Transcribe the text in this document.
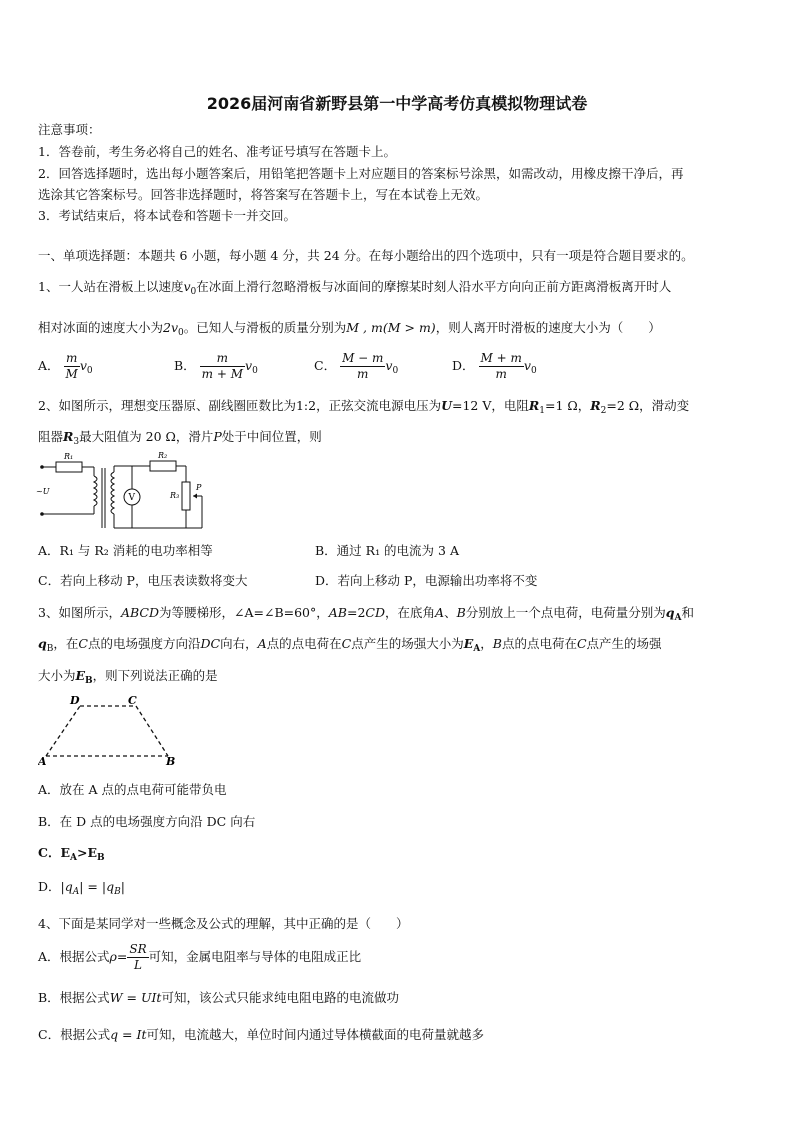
2026届河南省新野县第一中学高考仿真模拟物理试卷
注意事项：
1．答卷前，考生务必将自己的姓名、准考证号填写在答题卡上。
2．回答选择题时，选出每小题答案后，用铅笔把答题卡上对应题目的答案标号涂黑，如需改动，用橡皮擦干净后，再
选涂其它答案标号。回答非选择题时，将答案写在答题卡上，写在本试卷上无效。
3．考试结束后，将本试卷和答题卡一并交回。
一、单项选择题：本题共 6 小题，每小题 4 分，共 24 分。在每小题给出的四个选项中，只有一项是符合题目要求的。
1、一人站在滑板上以速度$v_0$在冰面上滑行忽略滑板与冰面间的摩擦某时刻人沿水平方向向正前方距离滑板离开时人
相对冰面的速度大小为$2v_0$。已知人与滑板的质量分别为M , m(M > m)，则人离开时滑板的速度大小为（　　）
A． $\frac{m}{M} v_0$	B． $\frac{m}{m + M} v_0$	C． $\frac{M - m}{m} v_0$	D． $\frac{M + m}{m} v_0$
2、如图所示，理想变压器原、副线圈匝数比为1:2，正弦交流电源电压为U=12 V，电阻$R_1=1$ Ω，$R_2=2$ Ω，滑动变
阻器$R_3$最大阻值为 20 Ω，滑片P处于中间位置，则
V
R₁	R₂
R₃
P
~U
A．R₁ 与 R₂ 消耗的电功率相等	B．通过 R₁ 的电流为 3 A
C．若向上移动 P，电压表读数将变大	D．若向上移动 P，电源输出功率将不变
3、如图所示，ABCD为等腰梯形，∠A=∠B=60°，AB=2CD，在底角A、B分别放上一个点电荷，电荷量分别为$q_A$和
$q_B$，在C点的电场强度方向沿DC向右，A点的点电荷在C点产生的场强大小为$E_A$，B点的点电荷在C点产生的场强
大小为$E_B$，则下列说法正确的是
A	B
C
D
A．放在 A 点的点电荷可能带负电
B．在 D 点的电场强度方向沿 DC 向右
C．$E_A>E_B$
D．$|q_A| = |q_B|$
4、下面是某同学对一些概念及公式的理解，其中正确的是（　　）
A．根据公式$\rho= \frac{SR}{L}$ 可知，金属电阻率与导体的电阻成正比
B．根据公式W = UIt可知，该公式只能求纯电阻电路的电流做功
C．根据公式q = It可知，电流越大，单位时间内通过导体横截面的电荷量就越多
